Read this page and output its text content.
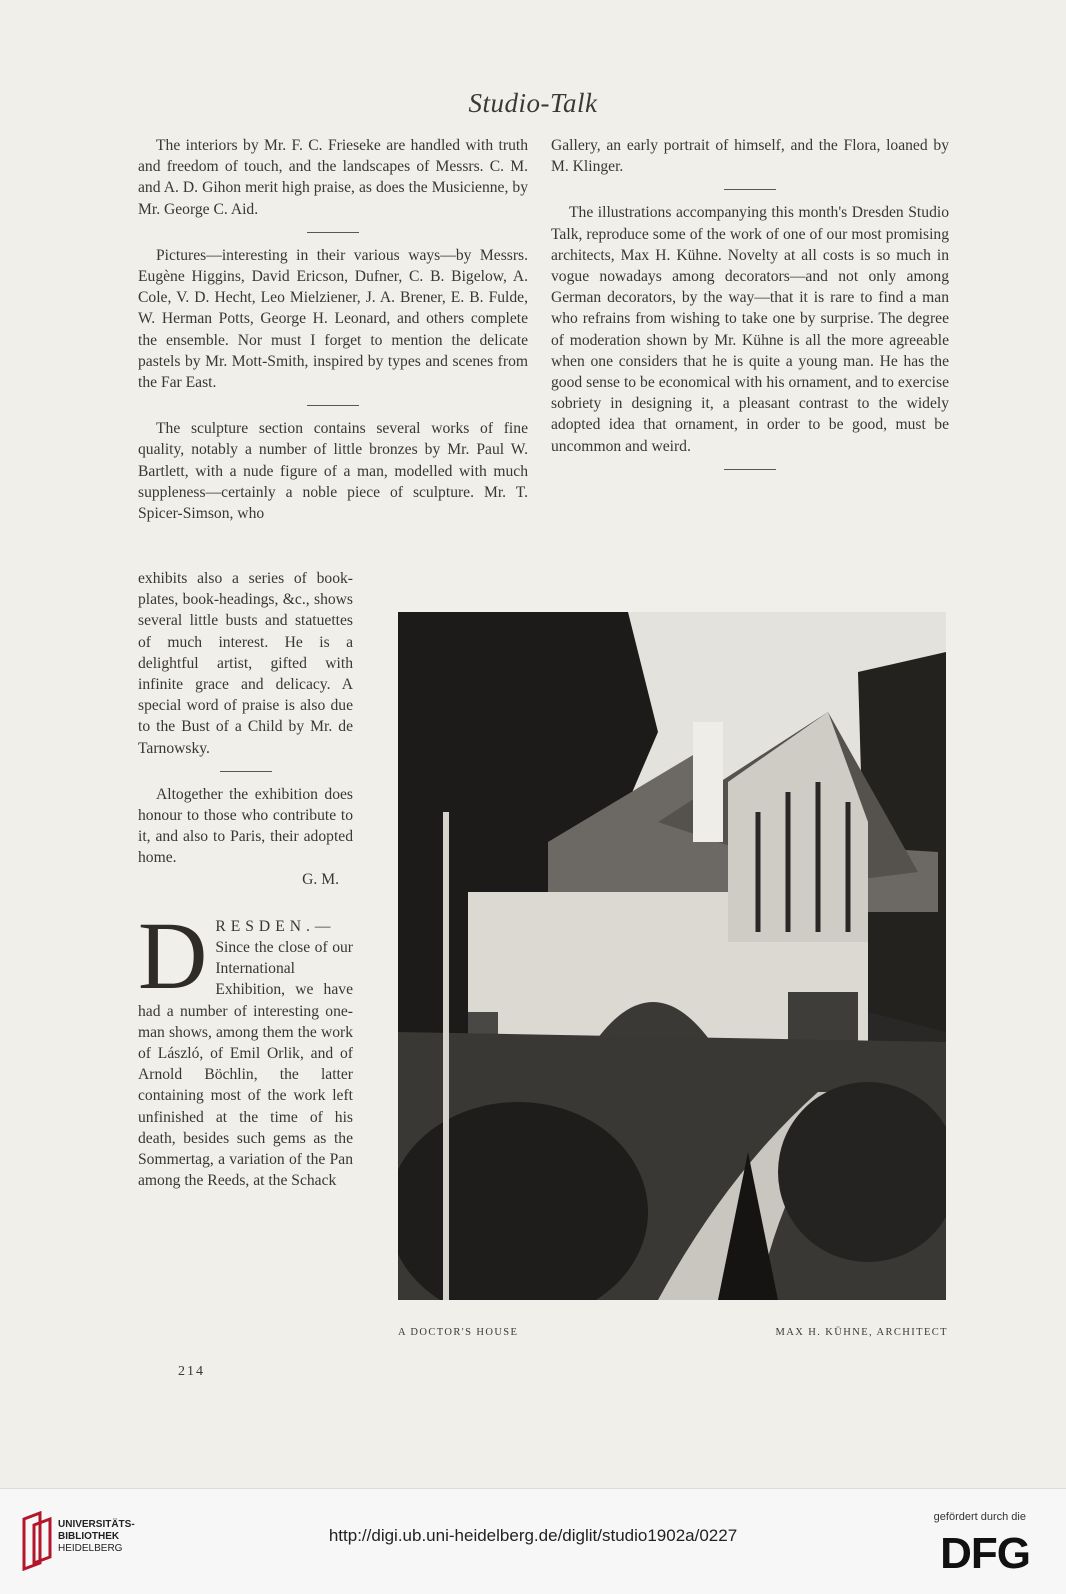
Studio-Talk

The interiors by Mr. F. C. Frieseke are handled with truth and freedom of touch, and the landscapes of Messrs. C. M. and A. D. Gihon merit high praise, as does the Musicienne, by Mr. George C. Aid.

Pictures—interesting in their various ways—by Messrs. Eugène Higgins, David Ericson, Dufner, C. B. Bigelow, A. Cole, V. D. Hecht, Leo Mielziener, J. A. Brener, E. B. Fulde, W. Herman Potts, George H. Leonard, and others complete the ensemble. Nor must I forget to mention the delicate pastels by Mr. Mott-Smith, inspired by types and scenes from the Far East.

The sculpture section contains several works of fine quality, notably a number of little bronzes by Mr. Paul W. Bartlett, with a nude figure of a man, modelled with much suppleness—certainly a noble piece of sculpture. Mr. T. Spicer-Simson, who

exhibits also a series of book-plates, book-headings, &c., shows several little busts and statuettes of much interest. He is a delightful artist, gifted with infinite grace and delicacy. A special word of praise is also due to the Bust of a Child by Mr. de Tarnowsky.

Altogether the exhibition does honour to those who contribute to it, and also to Paris, their adopted home.

G. M.
D RESDEN.—

Since the close of our International Exhibition, we have had a number of interesting one-man shows, among them the work of László, of Emil Orlik, and of Arnold Böchlin, the latter containing most of the work left unfinished at the time of his death, besides such gems as the Sommertag, a variation of the Pan among the Reeds, at the Schack

Gallery, an early portrait of himself, and the Flora, loaned by M. Klinger.

The illustrations accompanying this month's Dresden Studio Talk, reproduce some of the work of one of our most promising architects, Max H. Kühne. Novelty at all costs is so much in vogue nowadays among decorators—and not only among German decorators, by the way—that it is rare to find a man who refrains from wishing to take one by surprise. The degree of moderation shown by Mr. Kühne is all the more agreeable when one considers that he is quite a young man. He has the good sense to be economical with his ornament, and to exercise sobriety in designing it, a pleasant contrast to the widely adopted idea that ornament, in order to be good, must be uncommon and weird.

A DOCTOR'S HOUSE	MAX H. KÜHNE, ARCHITECT
214
UNIVERSITÄTS-
BIBLIOTHEK
HEIDELBERG
http://digi.ub.uni-heidelberg.de/diglit/studio1902a/0227
gefördert durch die
DFG
